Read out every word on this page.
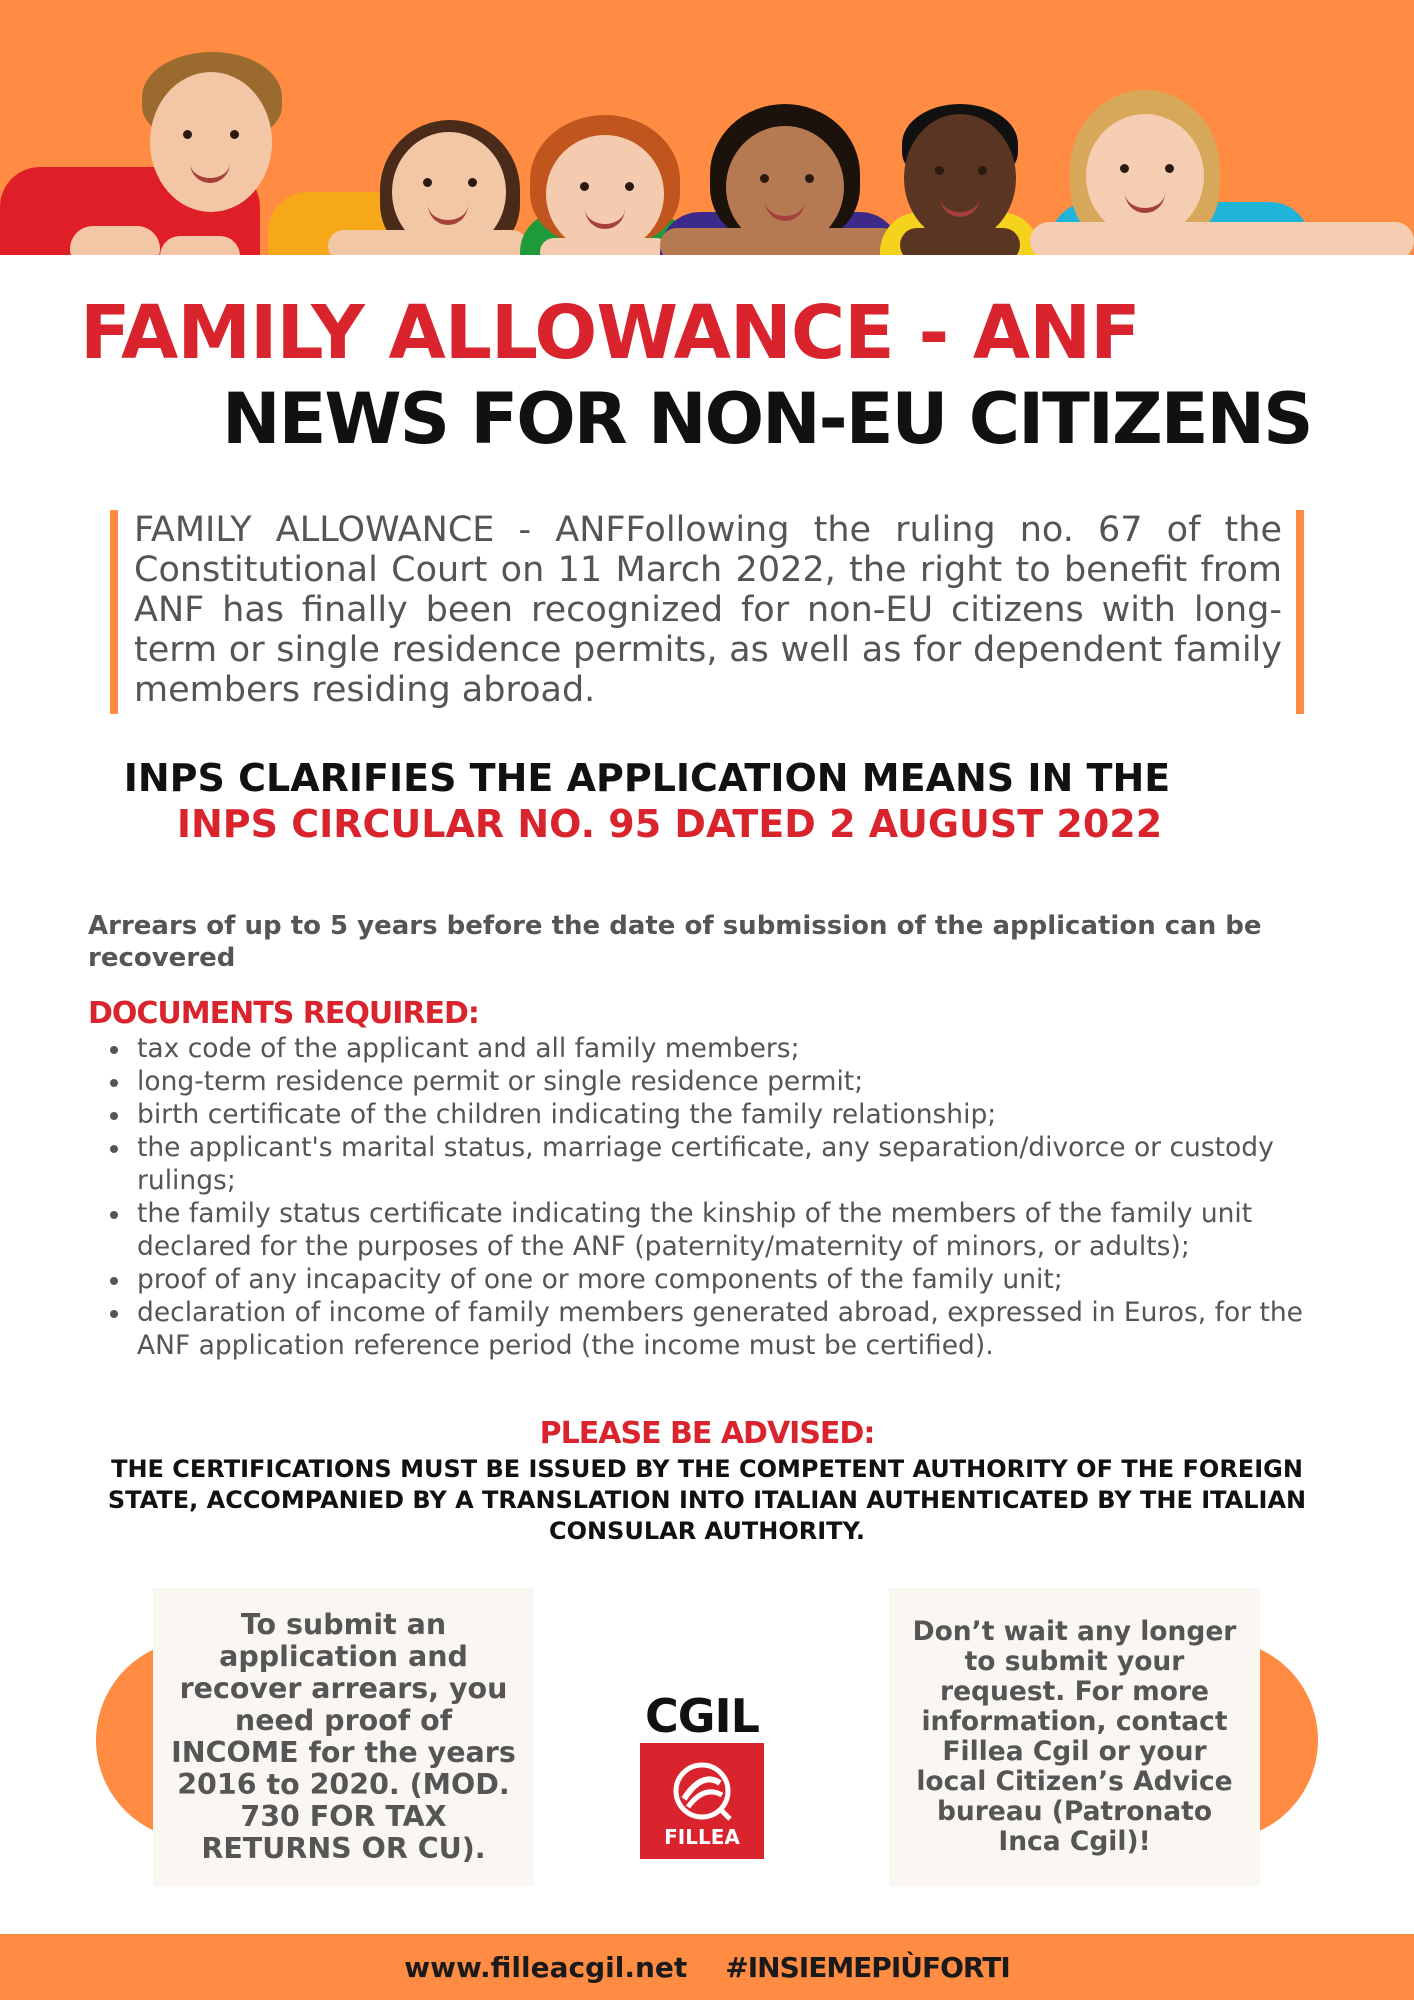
FAMILY ALLOWANCE - ANF
NEWS FOR NON-EU CITIZENS

FAMILY ALLOWANCE - ANFFollowing the ruling no. 67 of the Constitutional Court on 11 March 2022, the right to benefit from ANF has finally been recognized for non-EU citizens with long-term or single residence permits, as well as for dependent family members residing abroad.

INPS CLARIFIES THE APPLICATION MEANS IN THE
INPS CIRCULAR NO. 95 DATED 2 AUGUST 2022
Arrears of up to 5 years before the date of submission of the application can be recovered
DOCUMENTS REQUIRED:
tax code of the applicant and all family members;
long-term residence permit or single residence permit;
birth certificate of the children indicating the family relationship;
the applicant's marital status, marriage certificate, any separation/divorce or custody rulings;
the family status certificate indicating the kinship of the members of the family unit declared for the purposes of the ANF (paternity/maternity of minors, or adults);
proof of any incapacity of one or more components of the family unit;
declaration of income of family members generated abroad, expressed in Euros, for the ANF application reference period (the income must be certified).
PLEASE BE ADVISED:
THE CERTIFICATIONS MUST BE ISSUED BY THE COMPETENT AUTHORITY OF THE FOREIGN STATE, ACCOMPANIED BY A TRANSLATION INTO ITALIAN AUTHENTICATED BY THE ITALIAN CONSULAR AUTHORITY.
To submit an application and recover arrears, you need proof of INCOME for the years 2016 to 2020. (MOD. 730 FOR TAX RETURNS OR CU).
CGIL
FILLEA
Don’t wait any longer to submit your request. For more information, contact Fillea Cgil or your local Citizen’s Advice bureau (Patronato Inca Cgil)!
www.filleacgil.net #INSIEMEPIÙFORTI
